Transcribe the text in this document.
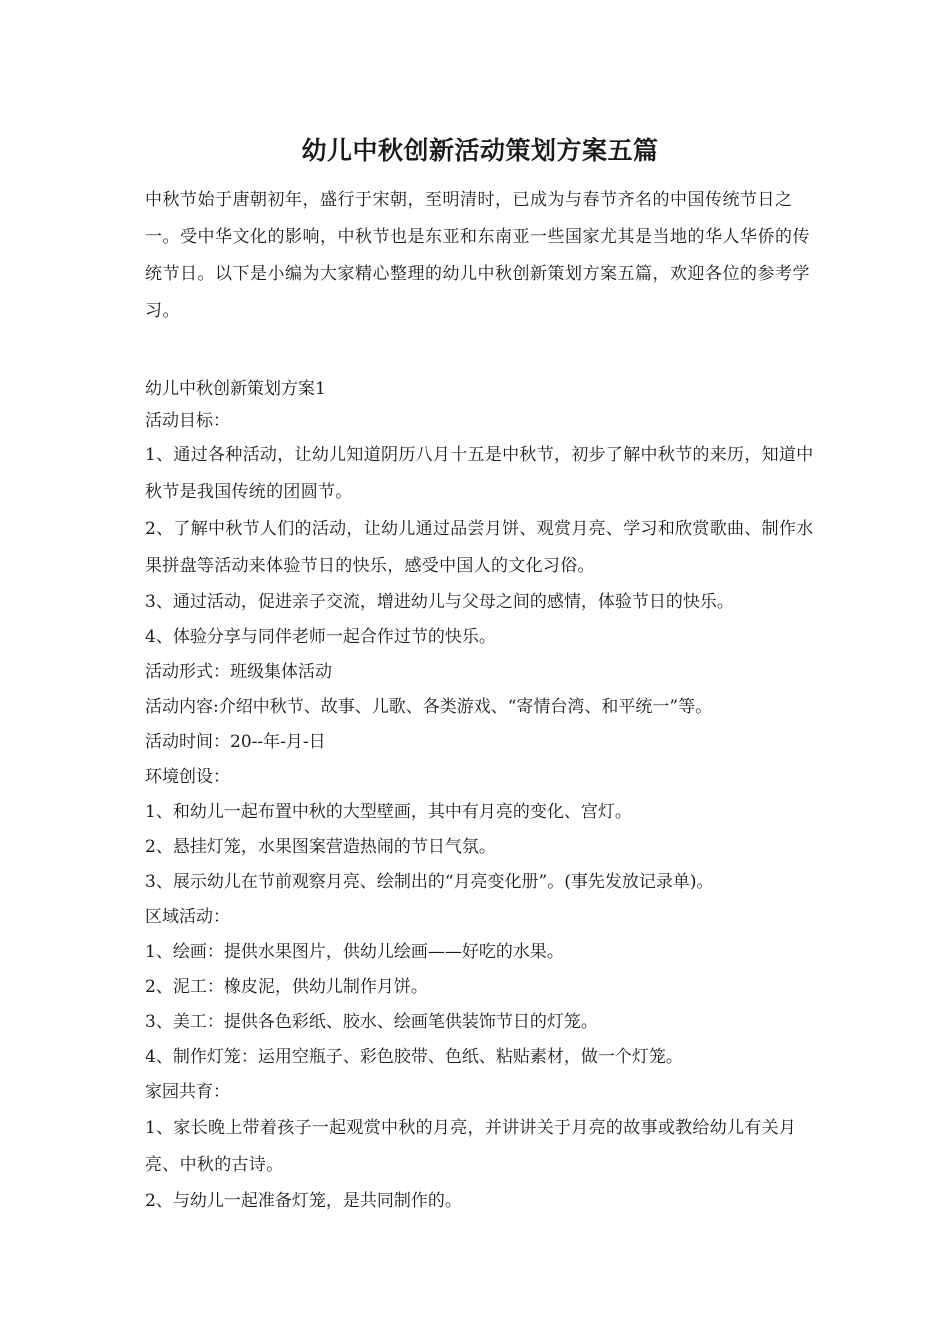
幼儿中秋创新活动策划方案五篇

中秋节始于唐朝初年，盛行于宋朝，至明清时，已成为与春节齐名的中国传统节日之一。受中华文化的影响，中秋节也是东亚和东南亚一些国家尤其是当地的华人华侨的传统节日。以下是小编为大家精心整理的幼儿中秋创新策划方案五篇，欢迎各位的参考学习。

幼儿中秋创新策划方案1

活动目标：

1、通过各种活动，让幼儿知道阴历八月十五是中秋节，初步了解中秋节的来历，知道中秋节是我国传统的团圆节。

2、了解中秋节人们的活动，让幼儿通过品尝月饼、观赏月亮、学习和欣赏歌曲、制作水果拼盘等活动来体验节日的快乐，感受中国人的文化习俗。

3、通过活动，促进亲子交流，增进幼儿与父母之间的感情，体验节日的快乐。

4、体验分享与同伴老师一起合作过节的快乐。

活动形式：班级集体活动

活动内容:介绍中秋节、故事、儿歌、各类游戏、“寄情台湾、和平统一”等。

活动时间：20--年-月-日

环境创设：

1、和幼儿一起布置中秋的大型壁画，其中有月亮的变化、宫灯。

2、悬挂灯笼，水果图案营造热闹的节日气氛。

3、展示幼儿在节前观察月亮、绘制出的“月亮变化册”。(事先发放记录单)。

区域活动：

1、绘画：提供水果图片，供幼儿绘画——好吃的水果。

2、泥工：橡皮泥，供幼儿制作月饼。

3、美工：提供各色彩纸、胶水、绘画笔供装饰节日的灯笼。

4、制作灯笼：运用空瓶子、彩色胶带、色纸、粘贴素材，做一个灯笼。

家园共育：

1、家长晚上带着孩子一起观赏中秋的月亮，并讲讲关于月亮的故事或教给幼儿有关月亮、中秋的古诗。

2、与幼儿一起准备灯笼，是共同制作的。
